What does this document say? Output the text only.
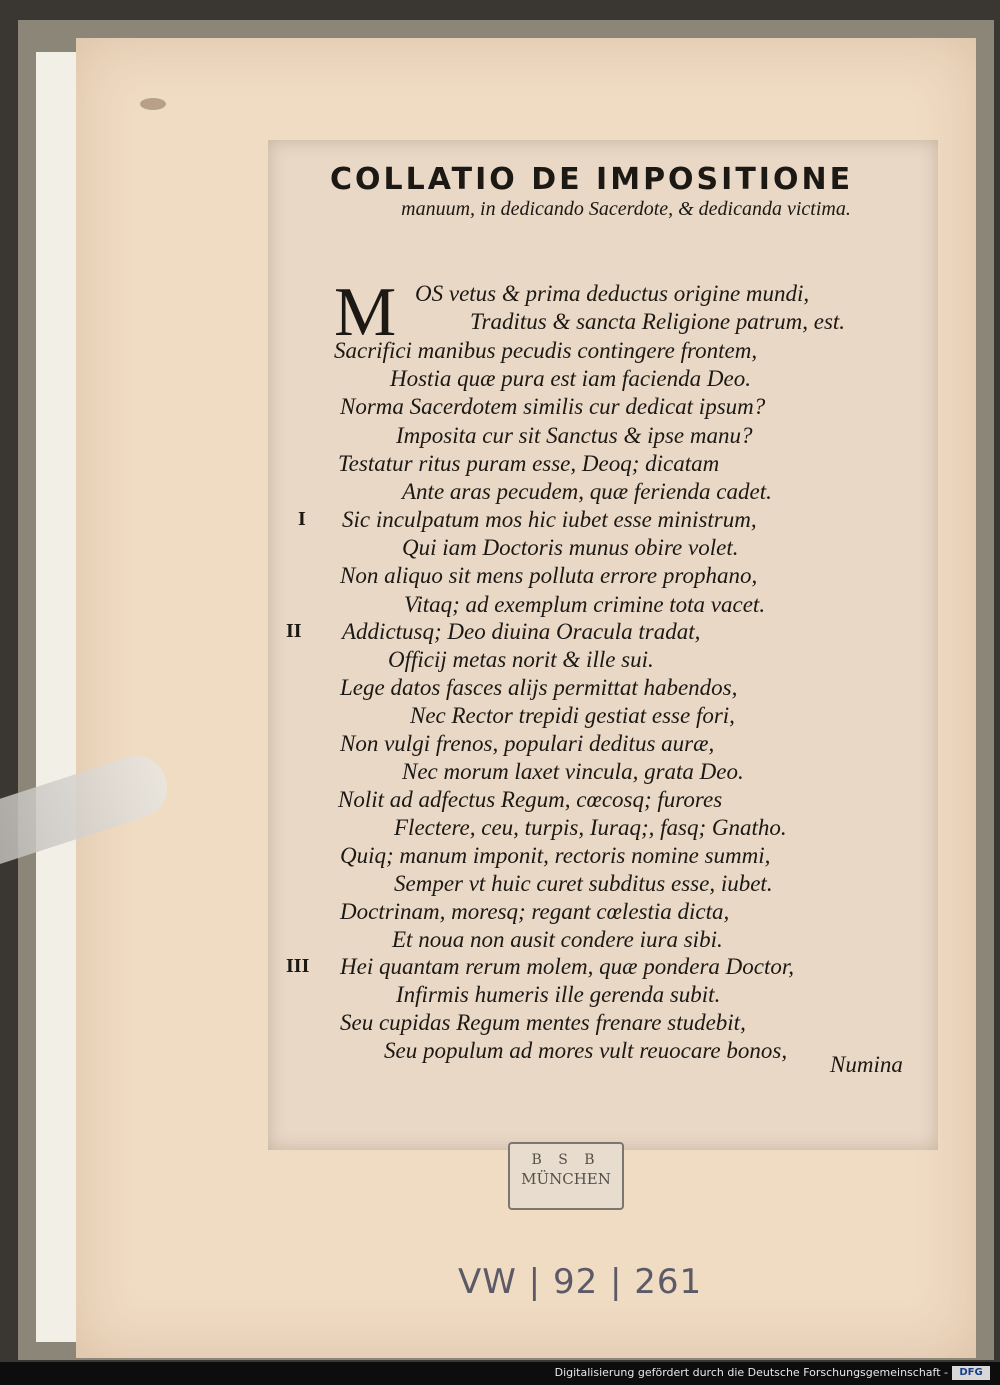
COLLATIO DE IMPOSITIONE
manuum, in dedicando Sacerdote, & dedicanda victima.
M OS vetus & prima deductus origine mundi,
Traditus & sancta Religione patrum, est.
Sacrifici manibus pecudis contingere frontem,
Hostia quæ pura est iam facienda Deo.
Norma Sacerdotem similis cur dedicat ipsum?
Imposita cur sit Sanctus & ipse manu?
Testatur ritus puram esse, Deoq; dicatam
Ante aras pecudem, quæ ferienda cadet.
I Sic inculpatum mos hic iubet esse ministrum,
Qui iam Doctoris munus obire volet.
Non aliquo sit mens polluta errore prophano,
Vitaq; ad exemplum crimine tota vacet.
II Addictusq; Deo diuina Oracula tradat,
Officij metas norit & ille sui.
Lege datos fasces alijs permittat habendos,
Nec Rector trepidi gestiat esse fori,
Non vulgi frenos, populari deditus auræ,
Nec morum laxet vincula, grata Deo.
Nolit ad adfectus Regum, cœcosq; furores
Flectere, ceu, turpis, Iuraq;, fasq; Gnatho.
Quiq; manum imponit, rectoris nomine summi,
Semper vt huic curet subditus esse, iubet.
Doctrinam, moresq; regant cœlestia dicta,
Et noua non ausit condere iura sibi.
III Hei quantam rerum molem, quæ pondera Doctor,
Infirmis humeris ille gerenda subit.
Seu cupidas Regum mentes frenare studebit,
Seu populum ad mores vult reuocare bonos,
Numina
B S B
MÜNCHEN
VW | 92 | 261
Digitalisierung gefördert durch die Deutsche Forschungsgemeinschaft -	DFG
